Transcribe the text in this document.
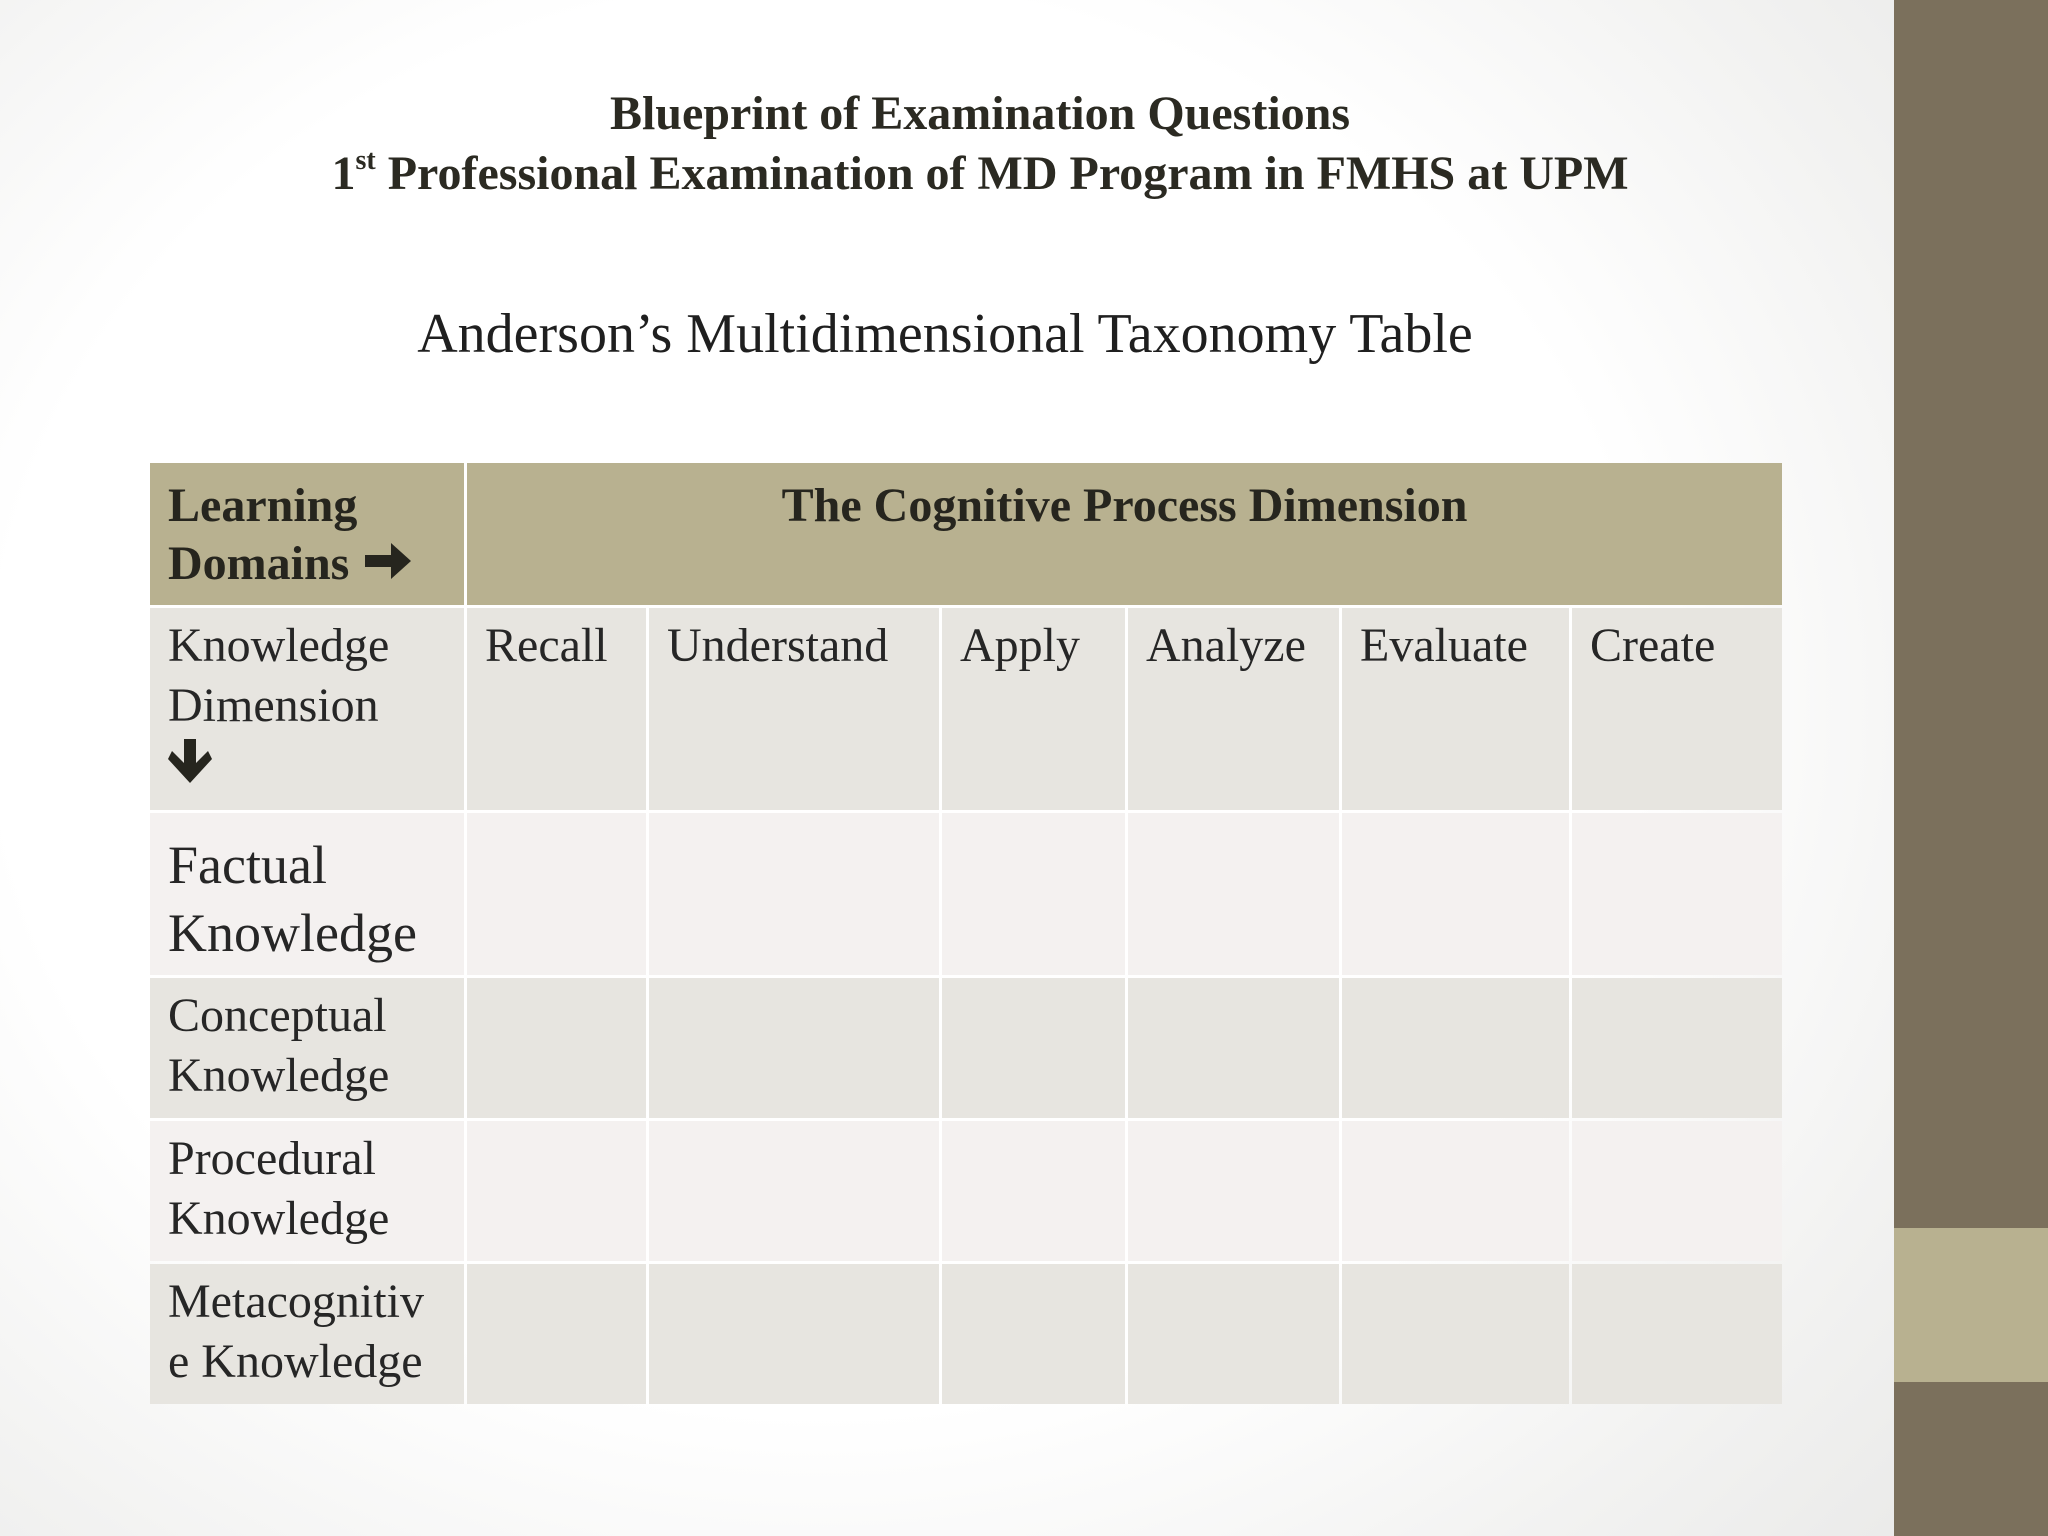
Blueprint of Examination Questions
1st Professional Examination of MD Program in FMHS at UPM
Anderson’s Multidimensional Taxonomy Table
Learning
Domains	The Cognitive Process Dimension					

Knowledge
Dimension	Recall	Understand	Apply	Analyze	Evaluate	Create

Factual
Knowledge						

Conceptual
Knowledge						

Procedural
Knowledge						

Metacognitiv
e Knowledge						
